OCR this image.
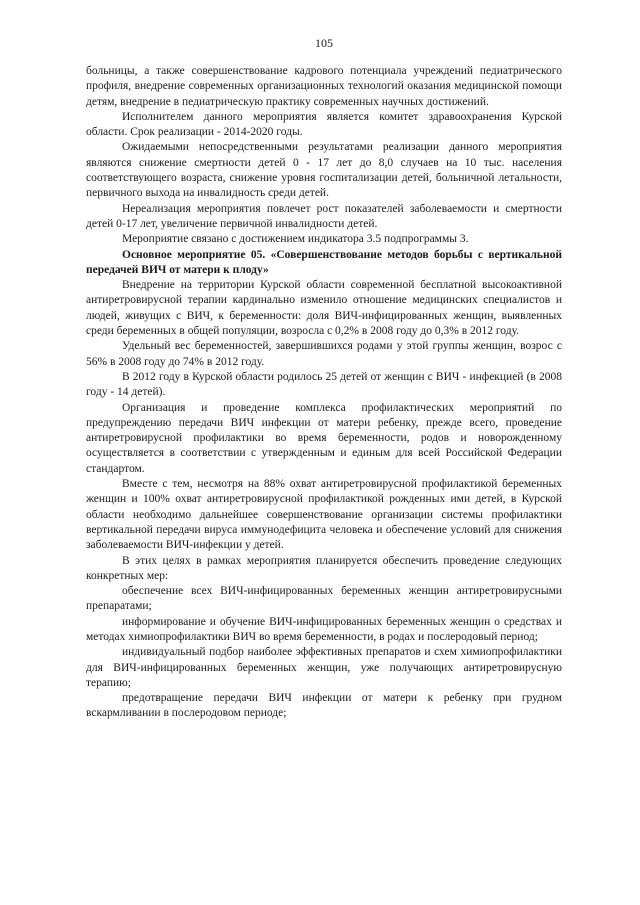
105

больницы, а также совершенствование кадрового потенциала учреждений педиатрического профиля, внедрение современных организационных технологий оказания медицинской помощи детям, внедрение в педиатрическую практику современных научных достижений.

Исполнителем данного мероприятия является комитет здравоохранения Курской области. Срок реализации - 2014-2020 годы.

Ожидаемыми непосредственными результатами реализации данного мероприятия являются снижение смертности детей 0 - 17 лет до 8,0 случаев на 10 тыс. населения соответствующего возраста, снижение уровня госпитализации детей, больничной летальности, первичного выхода на инвалидность среди детей.

Нереализация мероприятия повлечет рост показателей заболеваемости и смертности детей 0-17 лет, увеличение первичной инвалидности детей.

Мероприятие связано с достижением индикатора 3.5 подпрограммы 3.

Основное мероприятие 05. «Совершенствование методов борьбы с вертикальной передачей ВИЧ от матери к плоду»

Внедрение на территории Курской области современной бесплатной высокоактивной антиретровирусной терапии кардинально изменило отношение медицинских специалистов и людей, живущих с ВИЧ, к беременности: доля ВИЧ-инфицированных женщин, выявленных среди беременных в общей популяции, возросла с 0,2% в 2008 году до 0,3% в 2012 году.

Удельный вес беременностей, завершившихся родами у этой группы женщин, возрос с 56% в 2008 году до 74% в 2012 году.

В 2012 году в Курской области родилось 25 детей от женщин с ВИЧ - инфекцией (в 2008 году - 14 детей).

Организация и проведение комплекса профилактических мероприятий по предупреждению передачи ВИЧ инфекции от матери ребенку, прежде всего, проведение антиретровирусной профилактики во время беременности, родов и новорожденному осуществляется в соответствии с утвержденным и единым для всей Российской Федерации стандартом.

Вместе с тем, несмотря на 88% охват антиретровирусной профилактикой беременных женщин и 100% охват антиретровирусной профилактикой рожденных ими детей, в Курской области необходимо дальнейшее совершенствование организации системы профилактики вертикальной передачи вируса иммунодефицита человека и обеспечение условий для снижения заболеваемости ВИЧ-инфекции у детей.

В этих целях в рамках мероприятия планируется обеспечить проведение следующих конкретных мер:

обеспечение всех ВИЧ-инфицированных беременных женщин антиретровирусными препаратами;

информирование и обучение ВИЧ-инфицированных беременных женщин о средствах и методах химиопрофилактики ВИЧ во время беременности, в родах и послеродовый период;

индивидуальный подбор наиболее эффективных препаратов и схем химиопрофилактики для ВИЧ-инфицированных беременных женщин, уже получающих антиретровирусную терапию;

предотвращение передачи ВИЧ инфекции от матери к ребенку при грудном вскармливании в послеродовом периоде;
